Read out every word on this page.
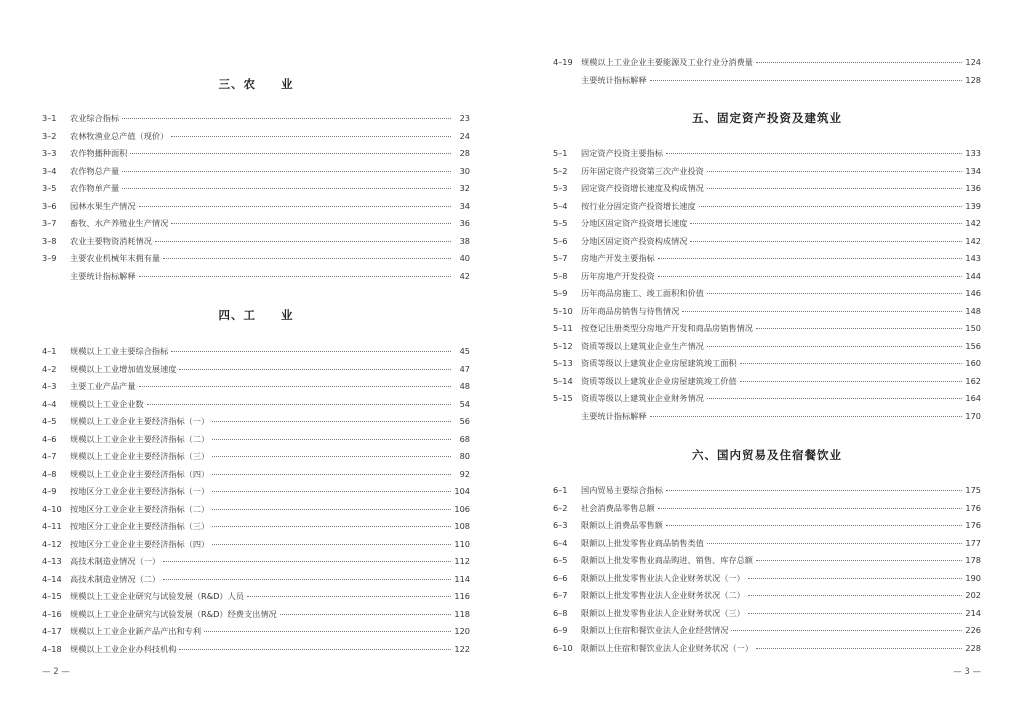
三、农　　业
3–1	农业综合指标	23
3–2	农林牧渔业总产值（现价）	24
3–3	农作物播种面积	28
3–4	农作物总产量	30
3–5	农作物单产量	32
3–6	园林水果生产情况	34
3–7	畜牧、水产养殖业生产情况	36
3–8	农业主要物资消耗情况	38
3–9	主要农业机械年末拥有量	40
主要统计指标解释	42
四、工　　业
4–1	规模以上工业主要综合指标	45
4–2	规模以上工业增加值发展速度	47
4–3	主要工业产品产量	48
4–4	规模以上工业企业数	54
4–5	规模以上工业企业主要经济指标（一）	56
4–6	规模以上工业企业主要经济指标（二）	68
4–7	规模以上工业企业主要经济指标（三）	80
4–8	规模以上工业企业主要经济指标（四）	92
4–9	按地区分工业企业主要经济指标（一）	104
4–10	按地区分工业企业主要经济指标（二）	106
4–11	按地区分工业企业主要经济指标（三）	108
4–12	按地区分工业企业主要经济指标（四）	110
4–13	高技术制造业情况（一）	112
4–14	高技术制造业情况（二）	114
4–15	规模以上工业企业研究与试验发展（R&D）人员	116
4–16	规模以上工业企业研究与试验发展（R&D）经费支出情况	118
4–17	规模以上工业企业新产品产出和专利	120
4–18	规模以上工业企业办科技机构	122
— 2 —
4–19	规模以上工业企业主要能源及工业行业分消费量	124
主要统计指标解释	128
五、固定资产投资及建筑业
5–1	固定资产投资主要指标	133
5–2	历年固定资产投资第三次产业投资	134
5–3	固定资产投资增长速度及构成情况	136
5–4	按行业分固定资产投资增长速度	139
5–5	分地区固定资产投资增长速度	142
5–6	分地区固定资产投资构成情况	142
5–7	房地产开发主要指标	143
5–8	历年房地产开发投资	144
5–9	历年商品房施工、竣工面积和价值	146
5–10	历年商品房销售与待售情况	148
5–11	按登记注册类型分房地产开发和商品房销售情况	150
5–12	资质等级以上建筑业企业生产情况	156
5–13	资质等级以上建筑业企业房屋建筑竣工面积	160
5–14	资质等级以上建筑业企业房屋建筑竣工价值	162
5–15	资质等级以上建筑业企业财务情况	164
主要统计指标解释	170
六、国内贸易及住宿餐饮业
6–1	国内贸易主要综合指标	175
6–2	社会消费品零售总额	176
6–3	限额以上消费品零售额	176
6–4	限额以上批发零售业商品销售类值	177
6–5	限额以上批发零售业商品购进、销售、库存总额	178
6–6	限额以上批发零售业法人企业财务状况（一）	190
6–7	限额以上批发零售业法人企业财务状况（二）	202
6–8	限额以上批发零售业法人企业财务状况（三）	214
6–9	限额以上住宿和餐饮业法人企业经营情况	226
6–10	限额以上住宿和餐饮业法人企业财务状况（一）	228
— 3 —
